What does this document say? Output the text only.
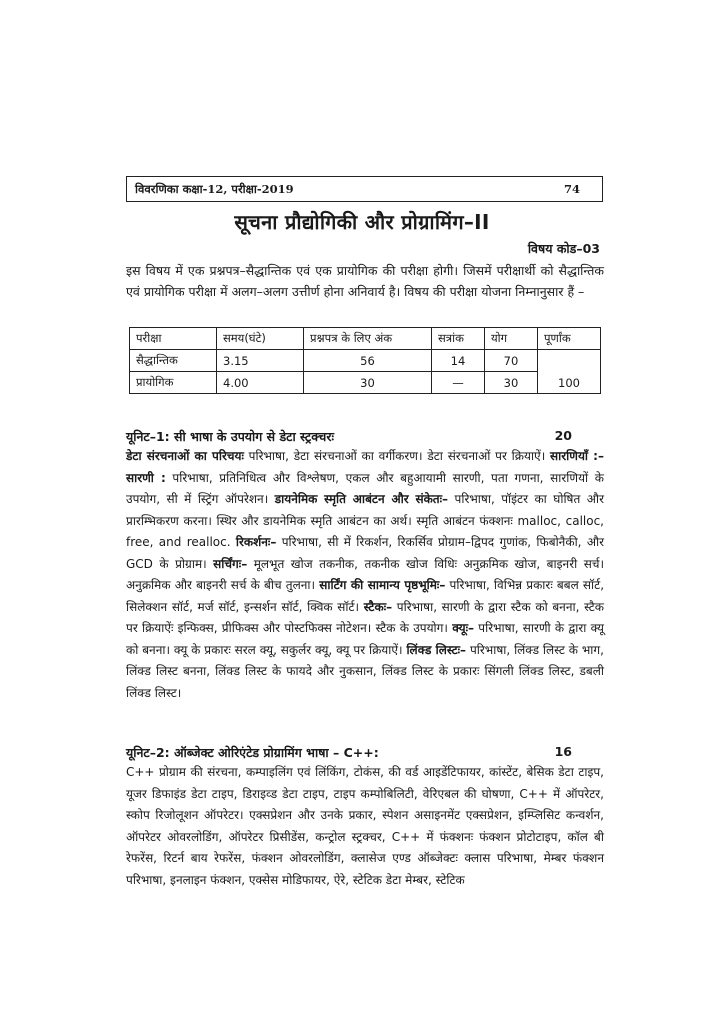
विवरणिका कक्षा-12, परीक्षा-2019	74
सूचना प्रौद्योगिकी और प्रोग्रामिंग–II
विषय कोड–03

इस विषय में एक प्रश्नपत्र–सैद्धान्तिक एवं एक प्रायोगिक की परीक्षा होगी। जिसमें परीक्षार्थी को सैद्धान्तिक एवं प्रायोगिक परीक्षा में अलग–अलग उत्तीर्ण होना अनिवार्य है। विषय की परीक्षा योजना निम्नानुसार हैं –

परीक्षा	समय(घंटे)	प्रश्नपत्र के लिए अंक	सत्रांक	योग	पूर्णांक
सैद्धान्तिक	3.15	56	14	70	100
प्रायोगिक	4.00	30	—	30	
यूनिट–1: सी भाषा के उपयोग से डेटा स्ट्रक्चरः	20

डेटा संरचनाओं का परिचयः परिभाषा, डेटा संरचनाओं का वर्गीकरण। डेटा संरचनाओं पर क्रियाऐं। सारणियाँ :– सारणी : परिभाषा, प्रतिनिधित्व और विश्लेषण, एकल और बहुआयामी सारणी, पता गणना, सारणियों के उपयोग, सी में स्ट्रिंग ऑपरेशन। डायनेमिक स्मृति आबंटन और संकेतः– परिभाषा, पॉइंटर का घोषित और प्रारम्भिकरण करना। स्थिर और डायनेमिक स्मृति आबंटन का अर्थ। स्मृति आबंटन फंक्शनः malloc, calloc, free, and realloc. रिकर्शनः– परिभाषा, सी में रिकर्शन, रिकर्सिव प्रोग्राम–द्विपद गुणांक, फिबोनैकी, और GCD के प्रोग्राम। सर्चिंगः– मूलभूत खोज तकनीक, तकनीक खोज विधिः अनुक्रमिक खोज, बाइनरी सर्च। अनुक्रमिक और बाइनरी सर्च के बीच तुलना। सार्टिंग की सामान्य पृष्ठभूमिः– परिभाषा, विभिन्न प्रकारः बबल सॉर्ट, सिलेक्शन सॉर्ट, मर्ज सॉर्ट, इन्सर्शन सॉर्ट, क्विक सॉर्ट। स्टैकः– परिभाषा, सारणी के द्वारा स्टैक को बनना, स्टैक पर क्रियाऐंः इन्फिक्स, प्रीफिक्स और पोस्टफिक्स नोटेशन। स्टैक के उपयोग। क्यूः– परिभाषा, सारणी के द्वारा क्यू को बनना। क्यू के प्रकारः सरल क्यू, सकुर्लर क्यू, क्यू पर क्रियाऐं। लिंक्ड लिस्टः– परिभाषा, लिंक्ड लिस्ट के भाग, लिंक्ड लिस्ट बनना, लिंक्ड लिस्ट के फायदे और नुकसान, लिंक्ड लिस्ट के प्रकारः सिंगली लिंक्ड लिस्ट, डबली लिंक्ड लिस्ट।

यूनिट–2: ऑब्जेक्ट ओरिएंटेड प्रोग्रामिंग भाषा – C++:	16

C++ प्रोग्राम की संरचना, कम्पाइलिंग एवं लिंकिंग, टोकंस, की वर्ड आइडेंटिफायर, कांस्टेंट, बेसिक डेटा टाइप, यूजर डिफाइंड डेटा टाइप, डिराइव्ड डेटा टाइप, टाइप कम्पोबिलिटी, वेरिएबल की घोषणा, C++ में ऑपरेटर, स्कोप रिजोलूशन ऑपरेटर। एक्सप्रेशन और उनके प्रकार, स्पेशन असाइनमेंट एक्सप्रेशन, इम्प्लिसिट कन्वर्शन, ऑपरेटर ओवरलोडिंग, ऑपरेटर प्रिसीडेंस, कन्ट्रोल स्ट्रक्चर, C++ में फंक्शनः फंक्शन प्रोटोटाइप, कॉल बी रेफरेंस, रिटर्न बाय रेफरेंस, फंक्शन ओवरलोडिंग, क्लासेज एण्ड ऑब्जेक्टः क्लास परिभाषा, मेम्बर फंक्शन परिभाषा, इनलाइन फंक्शन, एक्सेस मोडिफायर, ऐरे, स्टेटिक डेटा मेम्बर, स्टेटिक
